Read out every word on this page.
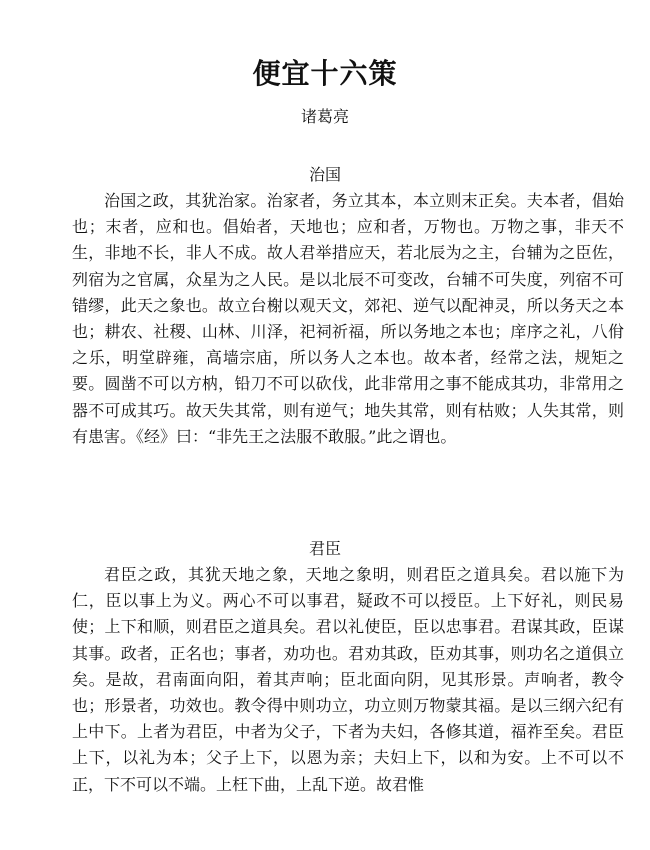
便宜十六策
诸葛亮
治国

治国之政，其犹治家。治家者，务立其本，本立则末正矣。夫本者，倡始也；末者，应和也。倡始者，天地也；应和者，万物也。万物之事，非天不生，非地不长，非人不成。故人君举措应天，若北辰为之主，台辅为之臣佐，列宿为之官属，众星为之人民。是以北辰不可变改，台辅不可失度，列宿不可错缪，此天之象也。故立台榭以观天文，郊祀、逆气以配神灵，所以务天之本也；耕农、社稷、山林、川泽，祀祠祈福，所以务地之本也；庠序之礼，八佾之乐，明堂辟雍，高墙宗庙，所以务人之本也。故本者，经常之法，规矩之要。圆凿不可以方枘，铅刀不可以砍伐，此非常用之事不能成其功，非常用之器不可成其巧。故天失其常，则有逆气；地失其常，则有枯败；人失其常，则有患害。《经》曰：“非先王之法服不敢服。”此之谓也。

君臣

君臣之政，其犹天地之象，天地之象明，则君臣之道具矣。君以施下为仁，臣以事上为义。两心不可以事君，疑政不可以授臣。上下好礼，则民易使；上下和顺，则君臣之道具矣。君以礼使臣，臣以忠事君。君谋其政，臣谋其事。政者，正名也；事者，劝功也。君劝其政，臣劝其事，则功名之道俱立矣。是故，君南面向阳，着其声响；臣北面向阴，见其形景。声响者，教令也；形景者，功效也。教令得中则功立，功立则万物蒙其福。是以三纲六纪有上中下。上者为君臣，中者为父子，下者为夫妇，各修其道，福祚至矣。君臣上下，以礼为本；父子上下，以恩为亲；夫妇上下，以和为安。上不可以不正，下不可以不端。上枉下曲，上乱下逆。故君惟
